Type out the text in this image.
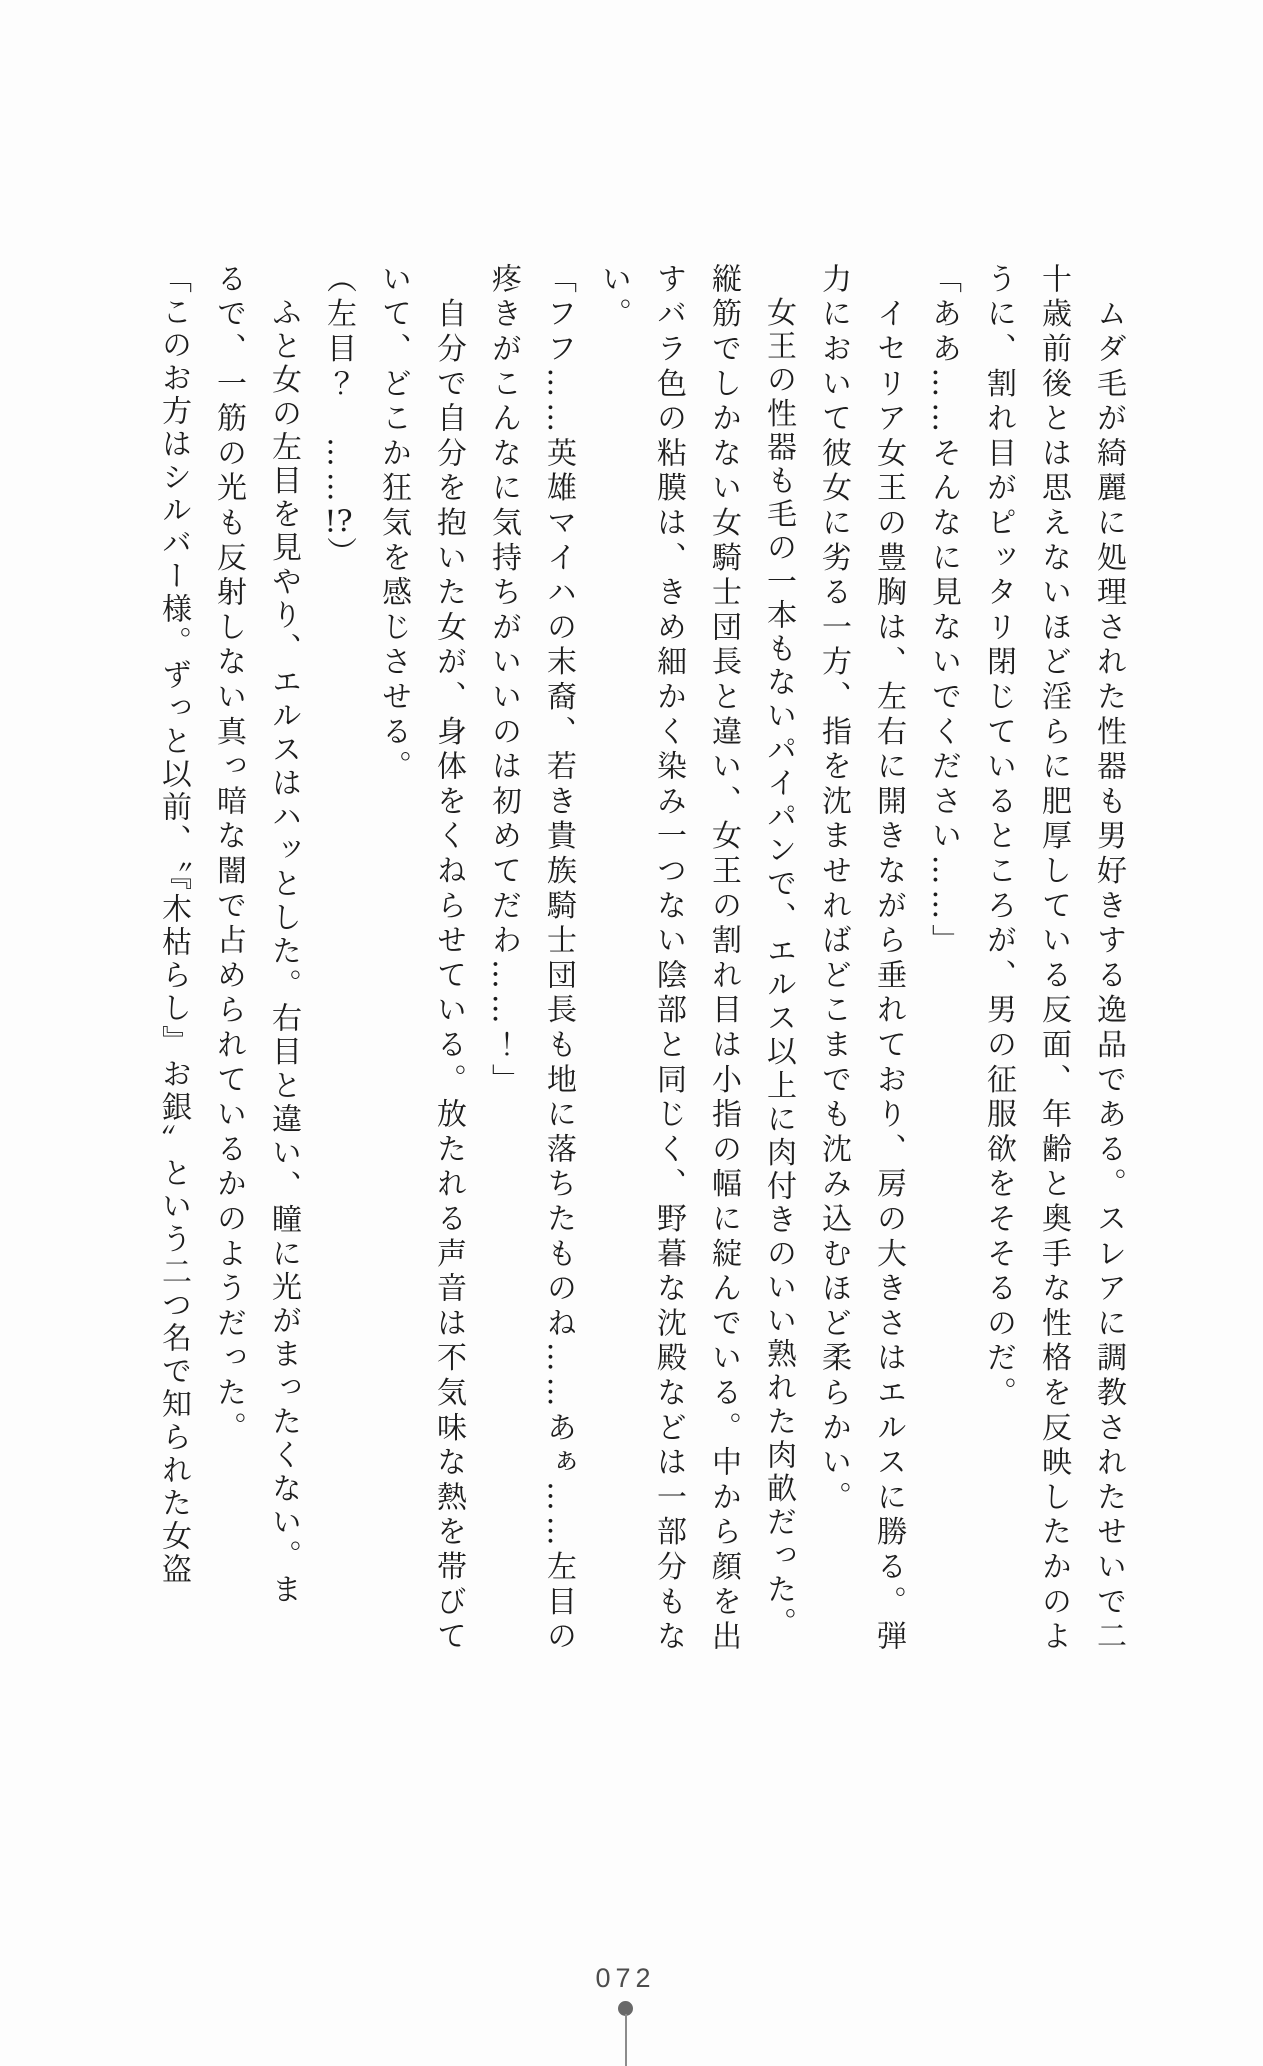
　ムダ毛が綺麗に処理された性器も男好きする逸品である。スレアに調教されたせいで二

十歳前後とは思えないほど淫らに肥厚している反面、年齢と奥手な性格を反映したかのよ

うに、割れ目がピッタリ閉じているところが、男の征服欲をそそるのだ。

「ああ……そんなに見ないでください……」

　イセリア女王の豊胸は、左右に開きながら垂れており、房の大きさはエルスに勝る。弾

力において彼女に劣る一方、指を沈ませればどこまでも沈み込むほど柔らかい。

　女王の性器も毛の一本もないパイパンで、エルス以上に肉付きのいい熟れた肉畝だった。

縦筋でしかない女騎士団長と違い、女王の割れ目は小指の幅に綻んでいる。中から顔を出

すバラ色の粘膜は、きめ細かく染み一つない陰部と同じく、野暮な沈殿などは一部分もな

い。

「フフ……英雄マイハの末裔、若き貴族騎士団長も地に落ちたものね……あぁ……左目の

疼きがこんなに気持ちがいいのは初めてだわ……！」

　自分で自分を抱いた女が、身体をくねらせている。放たれる声音は不気味な熱を帯びて

いて、どこか狂気を感じさせる。

（左目？　……!?）

　ふと女の左目を見やり、エルスはハッとした。右目と違い、瞳に光がまったくない。ま

るで、一筋の光も反射しない真っ暗な闇で占められているかのようだった。

「このお方はシルバー様。ずっと以前、〝『木枯らし』お銀〟という二つ名で知られた女盗

072
